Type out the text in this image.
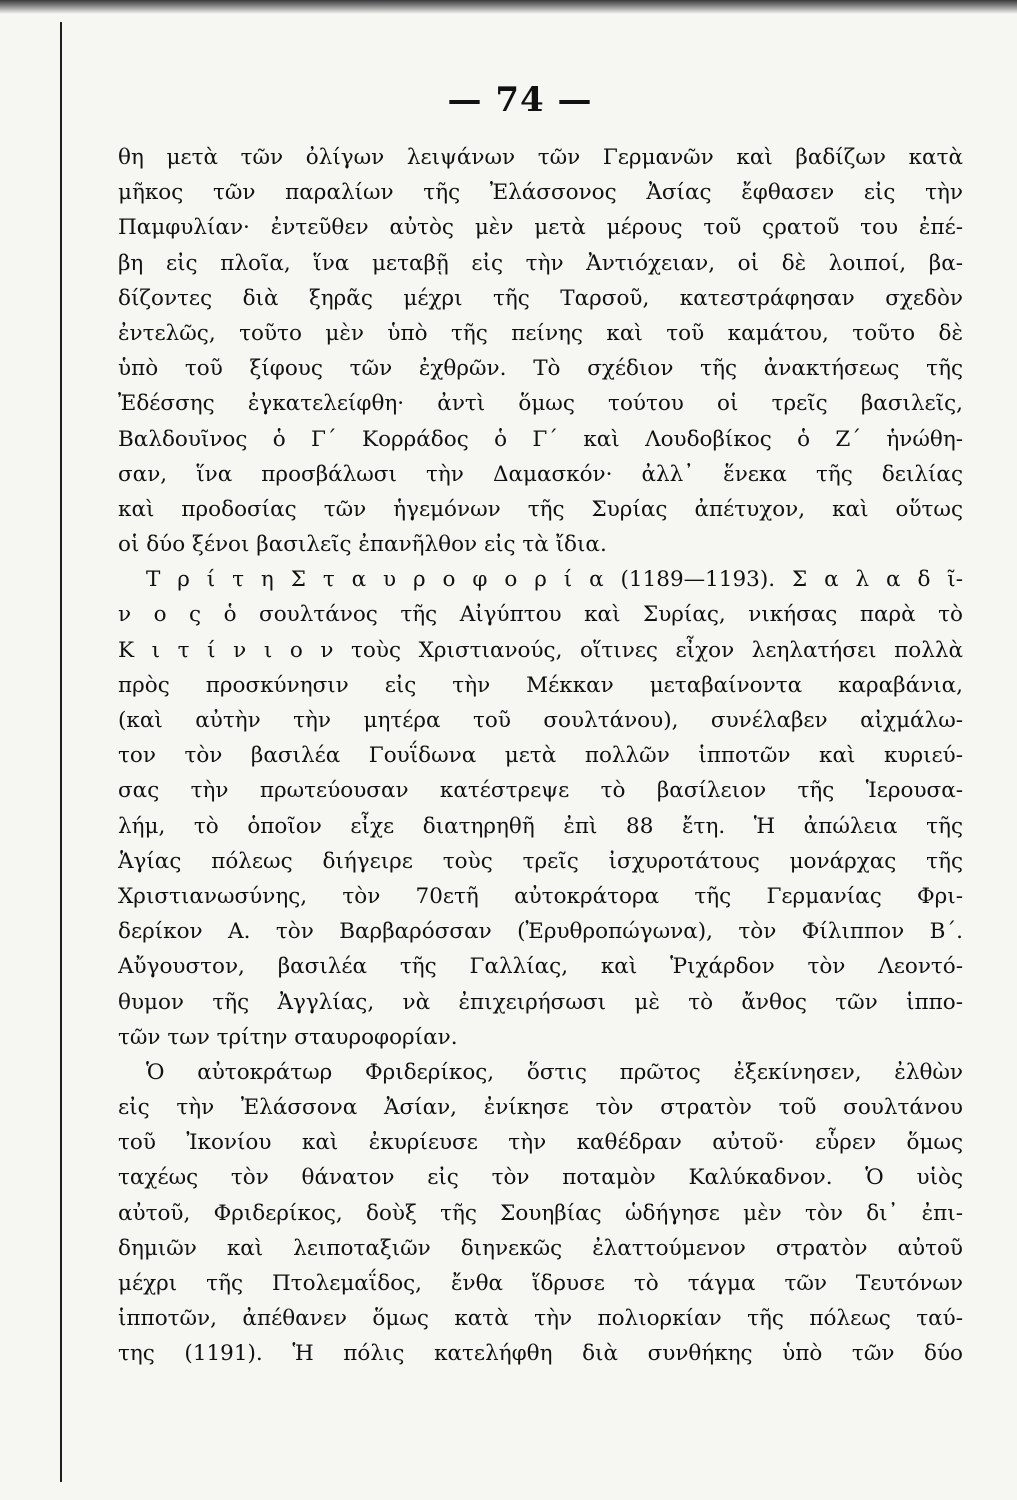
— 74 —
θη μετὰ τῶν ὀλίγων λειψάνων τῶν Γερμανῶν καὶ βαδίζων κατὰ
μῆκος τῶν παραλίων τῆς Ἐλάσσονος Ἀσίας ἔφθασεν εἰς τὴν
Παμφυλίαν· ἐντεῦθεν αὐτὸς μὲν μετὰ μέρους τοῦ ςρατοῦ του ἐπέ-
βη εἰς πλοῖα, ἵνα μεταβῇ εἰς τὴν Ἀντιόχειαν, οἱ δὲ λοιποί, βα-
δίζοντες διὰ ξηρᾶς μέχρι τῆς Ταρσοῦ, κατεστράφησαν σχεδὸν
ἐντελῶς, τοῦτο μὲν ὑπὸ τῆς πείνης καὶ τοῦ καμάτου, τοῦτο δὲ
ὑπὸ τοῦ ξίφους τῶν ἐχθρῶν. Τὸ σχέδιον τῆς ἀνακτήσεως τῆς
Ἐδέσσης ἐγκατελείφθη· ἀντὶ ὅμως τούτου οἱ τρεῖς βασιλεῖς,
Βαλδουῖνος ὁ Γ΄ Κορράδος ὁ Γ΄ καὶ Λουδοβίκος ὁ Ζ΄ ἡνώθη-
σαν, ἵνα προσβάλωσι τὴν Δαμασκόν· ἀλλ᾽ ἕνεκα τῆς δειλίας
καὶ προδοσίας τῶν ἡγεμόνων τῆς Συρίας ἀπέτυχον, καὶ οὕτως
οἱ δύο ξένοι βασιλεῖς ἐπανῆλθον εἰς τὰ ἴδια.
Τ ρ ί τ η Σ τ α υ ρ ο φ ο ρ ί α (1189—1193). Σ α λ α δ ῖ-
ν ο ς ὁ σουλτάνος τῆς Αἰγύπτου καὶ Συρίας, νικήσας παρὰ τὸ
Κ ι τ ί ν ι ο ν τοὺς Χριστιανούς, οἵτινες εἶχον λεηλατήσει πολλὰ
πρὸς προσκύνησιν εἰς τὴν Μέκκαν μεταβαίνοντα καραβάνια,
(καὶ αὐτὴν τὴν μητέρα τοῦ σουλτάνου), συνέλαβεν αἰχμάλω-
τον τὸν βασιλέα Γουΐδωνα μετὰ πολλῶν ἱπποτῶν καὶ κυριεύ-
σας τὴν πρωτεύουσαν κατέστρεψε τὸ βασίλειον τῆς Ἱερουσα-
λήμ, τὸ ὁποῖον εἶχε διατηρηθῆ ἐπὶ 88 ἔτη. Ἡ ἀπώλεια τῆς
Ἁγίας πόλεως διήγειρε τοὺς τρεῖς ἰσχυροτάτους μονάρχας τῆς
Χριστιανωσύνης, τὸν 70ετῆ αὐτοκράτορα τῆς Γερμανίας Φρι-
δερίκον Α. τὸν Βαρβαρόσσαν (Ἐρυθροπώγωνα), τὸν Φίλιππον Β΄.
Αὔγουστον, βασιλέα τῆς Γαλλίας, καὶ Ῥιχάρδον τὸν Λεοντό-
θυμον τῆς Ἀγγλίας, νὰ ἐπιχειρήσωσι μὲ τὸ ἄνθος τῶν ἱππο-
τῶν των τρίτην σταυροφορίαν.
Ὁ αὐτοκράτωρ Φριδερίκος, ὅστις πρῶτος ἐξεκίνησεν, ἐλθὼν
εἰς τὴν Ἐλάσσονα Ἀσίαν, ἐνίκησε τὸν στρατὸν τοῦ σουλτάνου
τοῦ Ἰκονίου καὶ ἐκυρίευσε τὴν καθέδραν αὐτοῦ· εὗρεν ὅμως
ταχέως τὸν θάνατον εἰς τὸν ποταμὸν Καλύκαδνον. Ὁ υἱὸς
αὐτοῦ, Φριδερίκος, δοὺξ τῆς Σουηβίας ὡδήγησε μὲν τὸν δι᾽ ἐπι-
δημιῶν καὶ λειποταξιῶν διηνεκῶς ἐλαττούμενον στρατὸν αὐτοῦ
μέχρι τῆς Πτολεμαΐδος, ἔνθα ἵδρυσε τὸ τάγμα τῶν Τευτόνων
ἱπποτῶν, ἀπέθανεν ὅμως κατὰ τὴν πολιορκίαν τῆς πόλεως ταύ-
της (1191). Ἡ πόλις κατελήφθη διὰ συνθήκης ὑπὸ τῶν δύο
